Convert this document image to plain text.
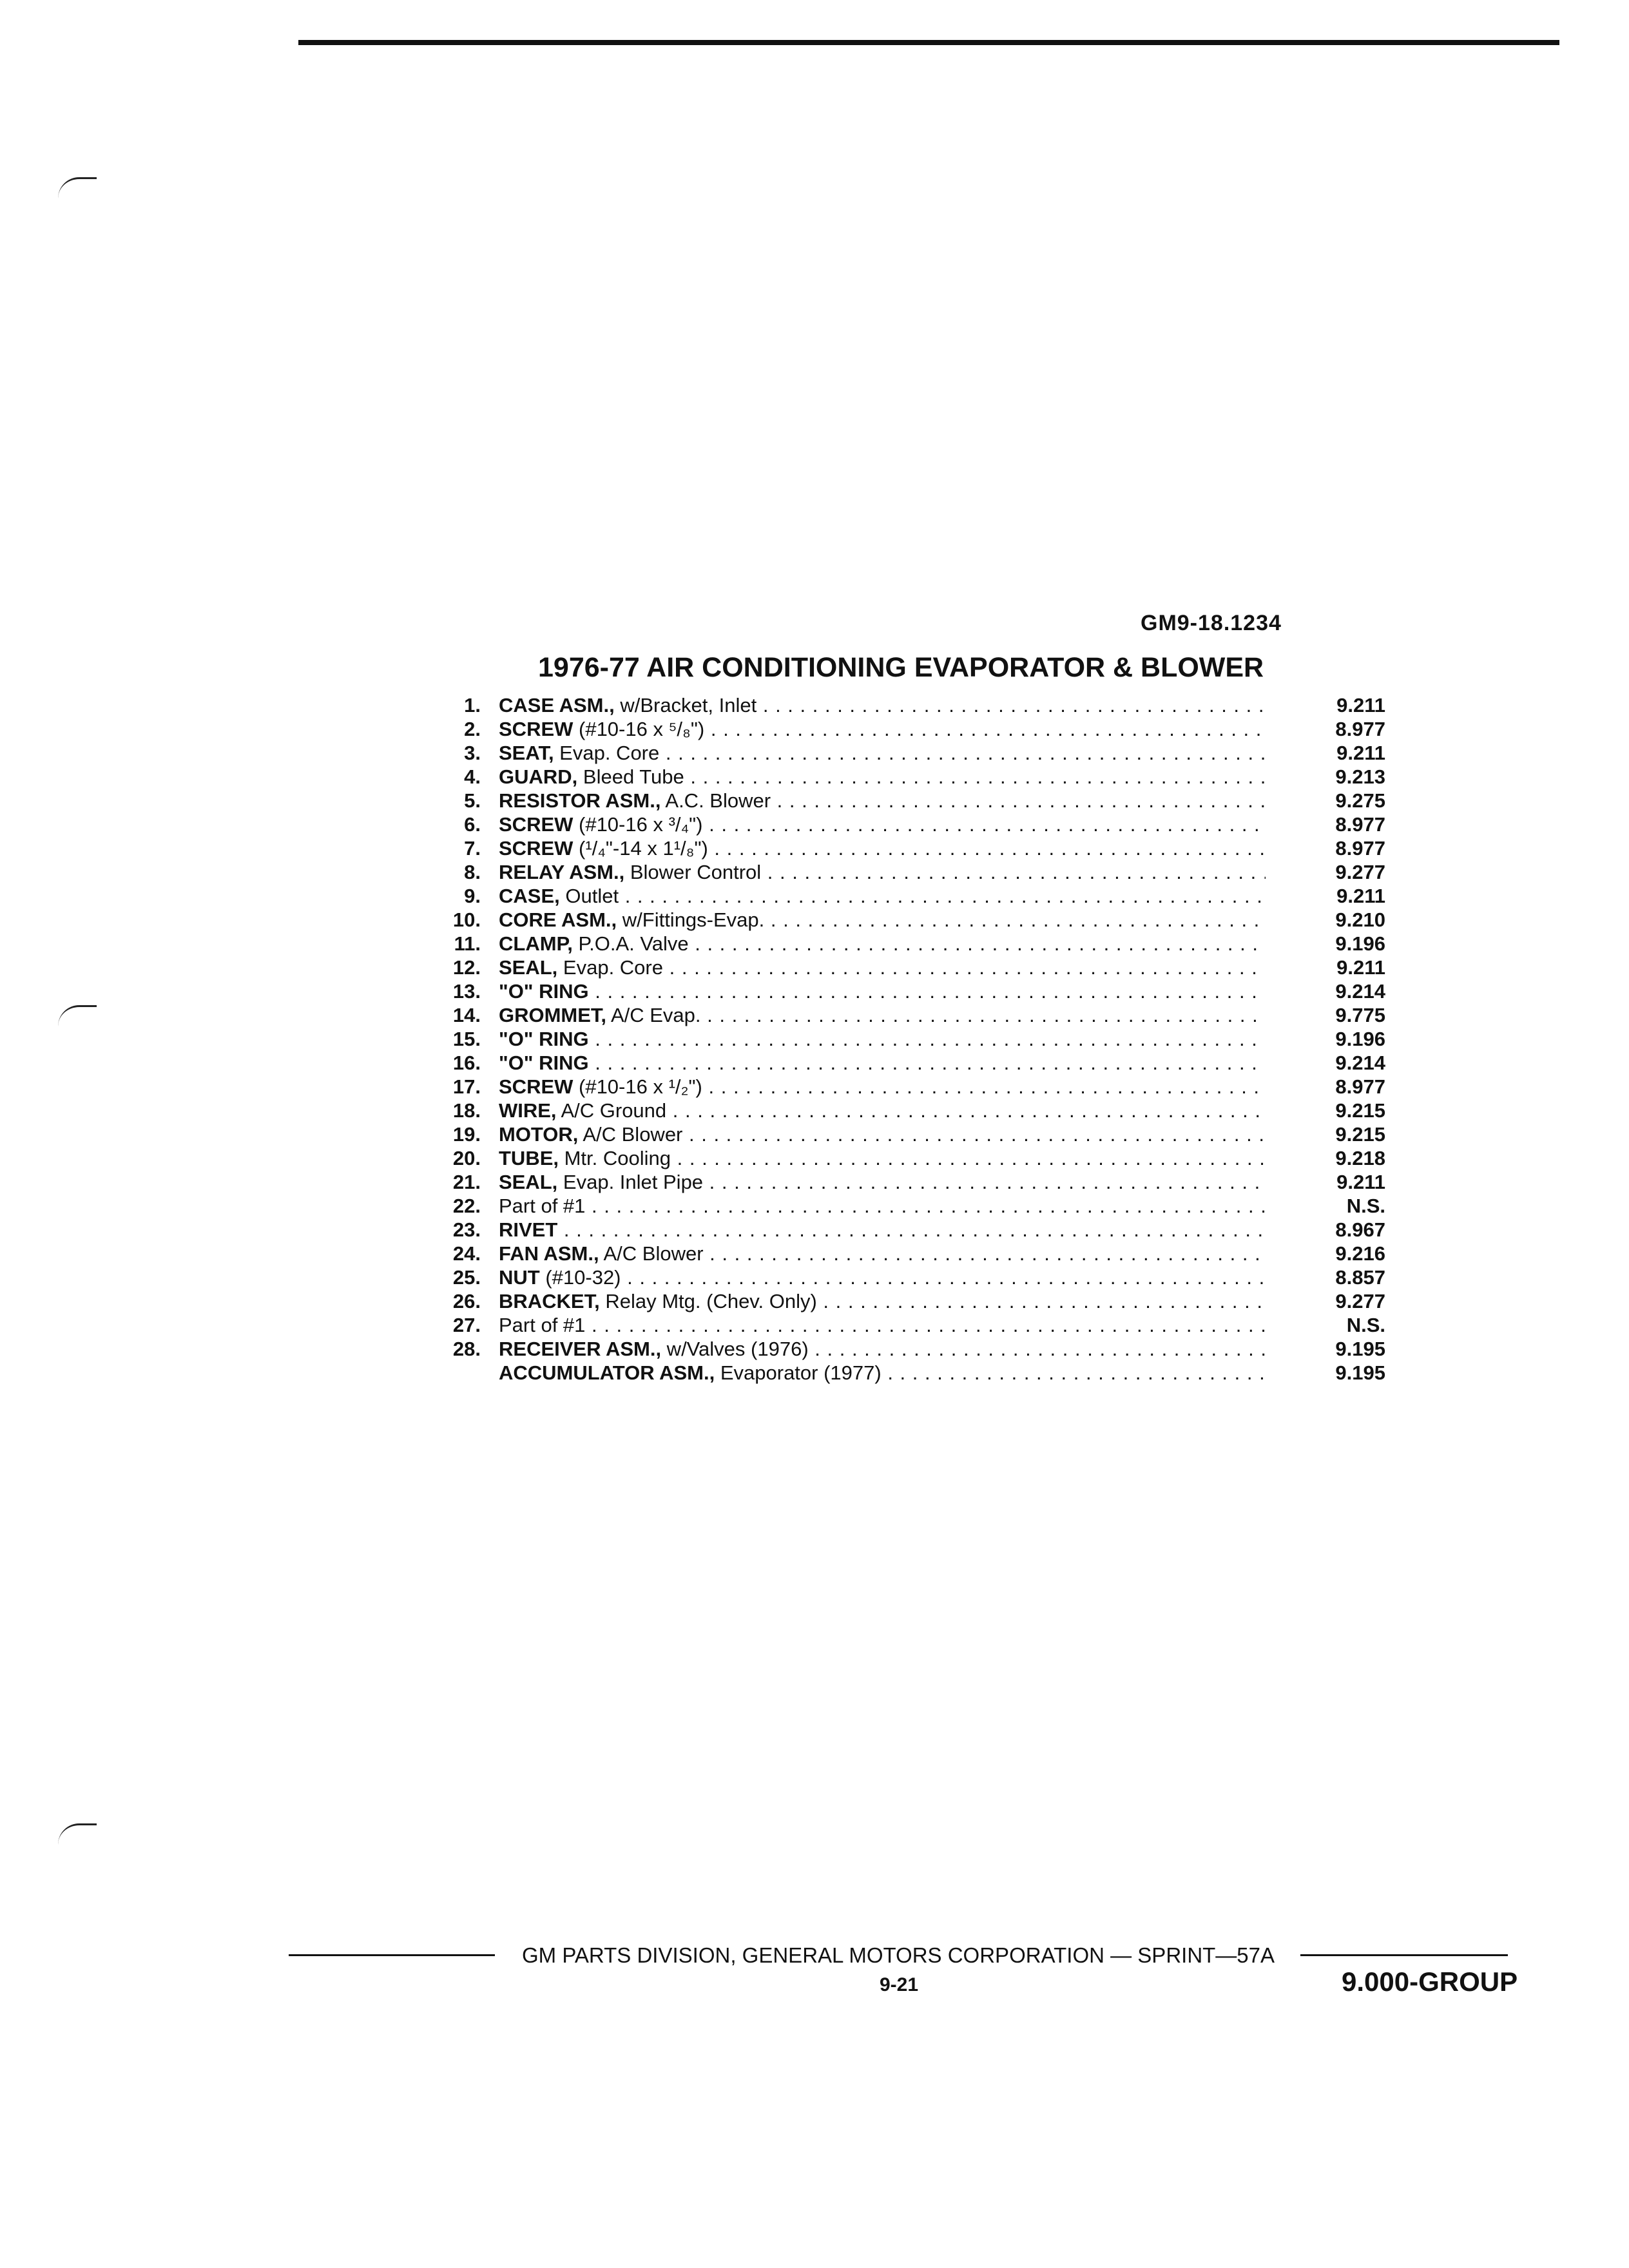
GM9-18.1234
1976-77 AIR CONDITIONING EVAPORATOR & BLOWER
1. CASE ASM., w/Bracket, Inlet . . .	9.211
2. SCREW (#10-16 x ⁵/₈") . . .	8.977
3. SEAT, Evap. Core . . .	9.211
4. GUARD, Bleed Tube . . .	9.213
5. RESISTOR ASM., A.C. Blower . . .	9.275
6. SCREW (#10-16 x ³/₄") . . .	8.977
7. SCREW (¹/₄"-14 x 1¹/₈") . . .	8.977
8. RELAY ASM., Blower Control . . .	9.277
9. CASE, Outlet . . .	9.211
10. CORE ASM., w/Fittings-Evap. . . .	9.210
11. CLAMP, P.O.A. Valve . . .	9.196
12. SEAL, Evap. Core . . .	9.211
13. "O" RING . . .	9.214
14. GROMMET, A/C Evap. . . .	9.775
15. "O" RING . . .	9.196
16. "O" RING . . .	9.214
17. SCREW (#10-16 x ¹/₂") . . .	8.977
18. WIRE, A/C Ground . . .	9.215
19. MOTOR, A/C Blower . . .	9.215
20. TUBE, Mtr. Cooling . . .	9.218
21. SEAL, Evap. Inlet Pipe . . .	9.211
22. Part of #1 . . .	N.S.
23. RIVET . . .	8.967
24. FAN ASM., A/C Blower . . .	9.216
25. NUT (#10-32) . . .	8.857
26. BRACKET, Relay Mtg. (Chev. Only) . . .	9.277
27. Part of #1 . . .	N.S.
28. RECEIVER ASM., w/Valves (1976) . . .	9.195
ACCUMULATOR ASM., Evaporator (1977) . . .	9.195
GM PARTS DIVISION, GENERAL MOTORS CORPORATION — SPRINT—57A
9-21	9.000-GROUP
